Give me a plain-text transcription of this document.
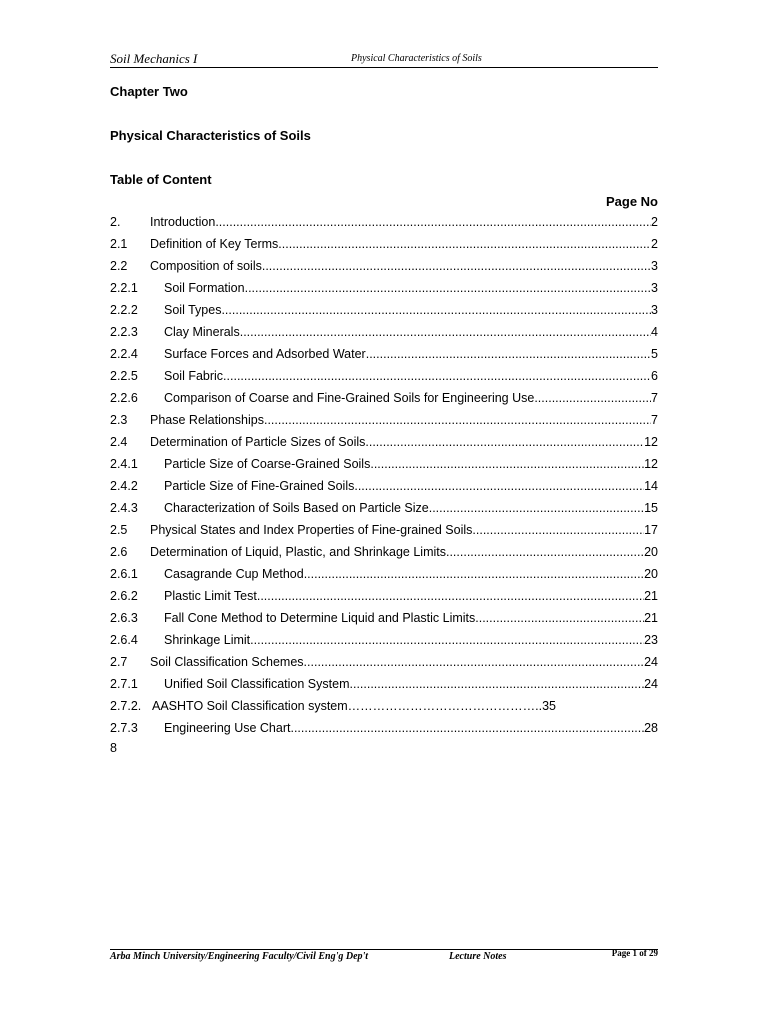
Soil Mechanics I	Physical Characteristics of Soils
Chapter Two
Physical Characteristics of Soils
Table of Content
Page No
2.	Introduction .....	2
2.1	Definition of Key Terms .....	2
2.2	Composition of soils .....	3
2.2.1	Soil Formation .....	3
2.2.2	Soil Types .....	3
2.2.3	Clay Minerals .....	4
2.2.4	Surface Forces and Adsorbed Water .....	5
2.2.5	Soil Fabric .....	6
2.2.6	Comparison of Coarse and Fine-Grained Soils for Engineering Use .....	7
2.3	Phase Relationships .....	7
2.4	Determination of Particle Sizes of Soils .....	12
2.4.1	Particle Size of Coarse-Grained Soils .....	12
2.4.2	Particle Size of Fine-Grained Soils .....	14
2.4.3	Characterization of Soils Based on Particle Size .....	15
2.5	Physical States and Index Properties of Fine-grained Soils .....	17
2.6	Determination of Liquid, Plastic, and Shrinkage Limits .....	20
2.6.1	Casagrande Cup Method .....	20
2.6.2	Plastic Limit Test .....	21
2.6.3	Fall Cone Method to Determine Liquid and Plastic Limits .....	21
2.6.4	Shrinkage Limit .....	23
2.7	Soil Classification Schemes .....	24
2.7.1	Unified Soil Classification System .....	24
2.7.2. AASHTO Soil Classification system………………………………………..35
2.7.3	Engineering Use Chart .....	28
8
Arba Minch University/Engineering Faculty/Civil Eng'g Dep't	Lecture Notes	Page 1 of 29
